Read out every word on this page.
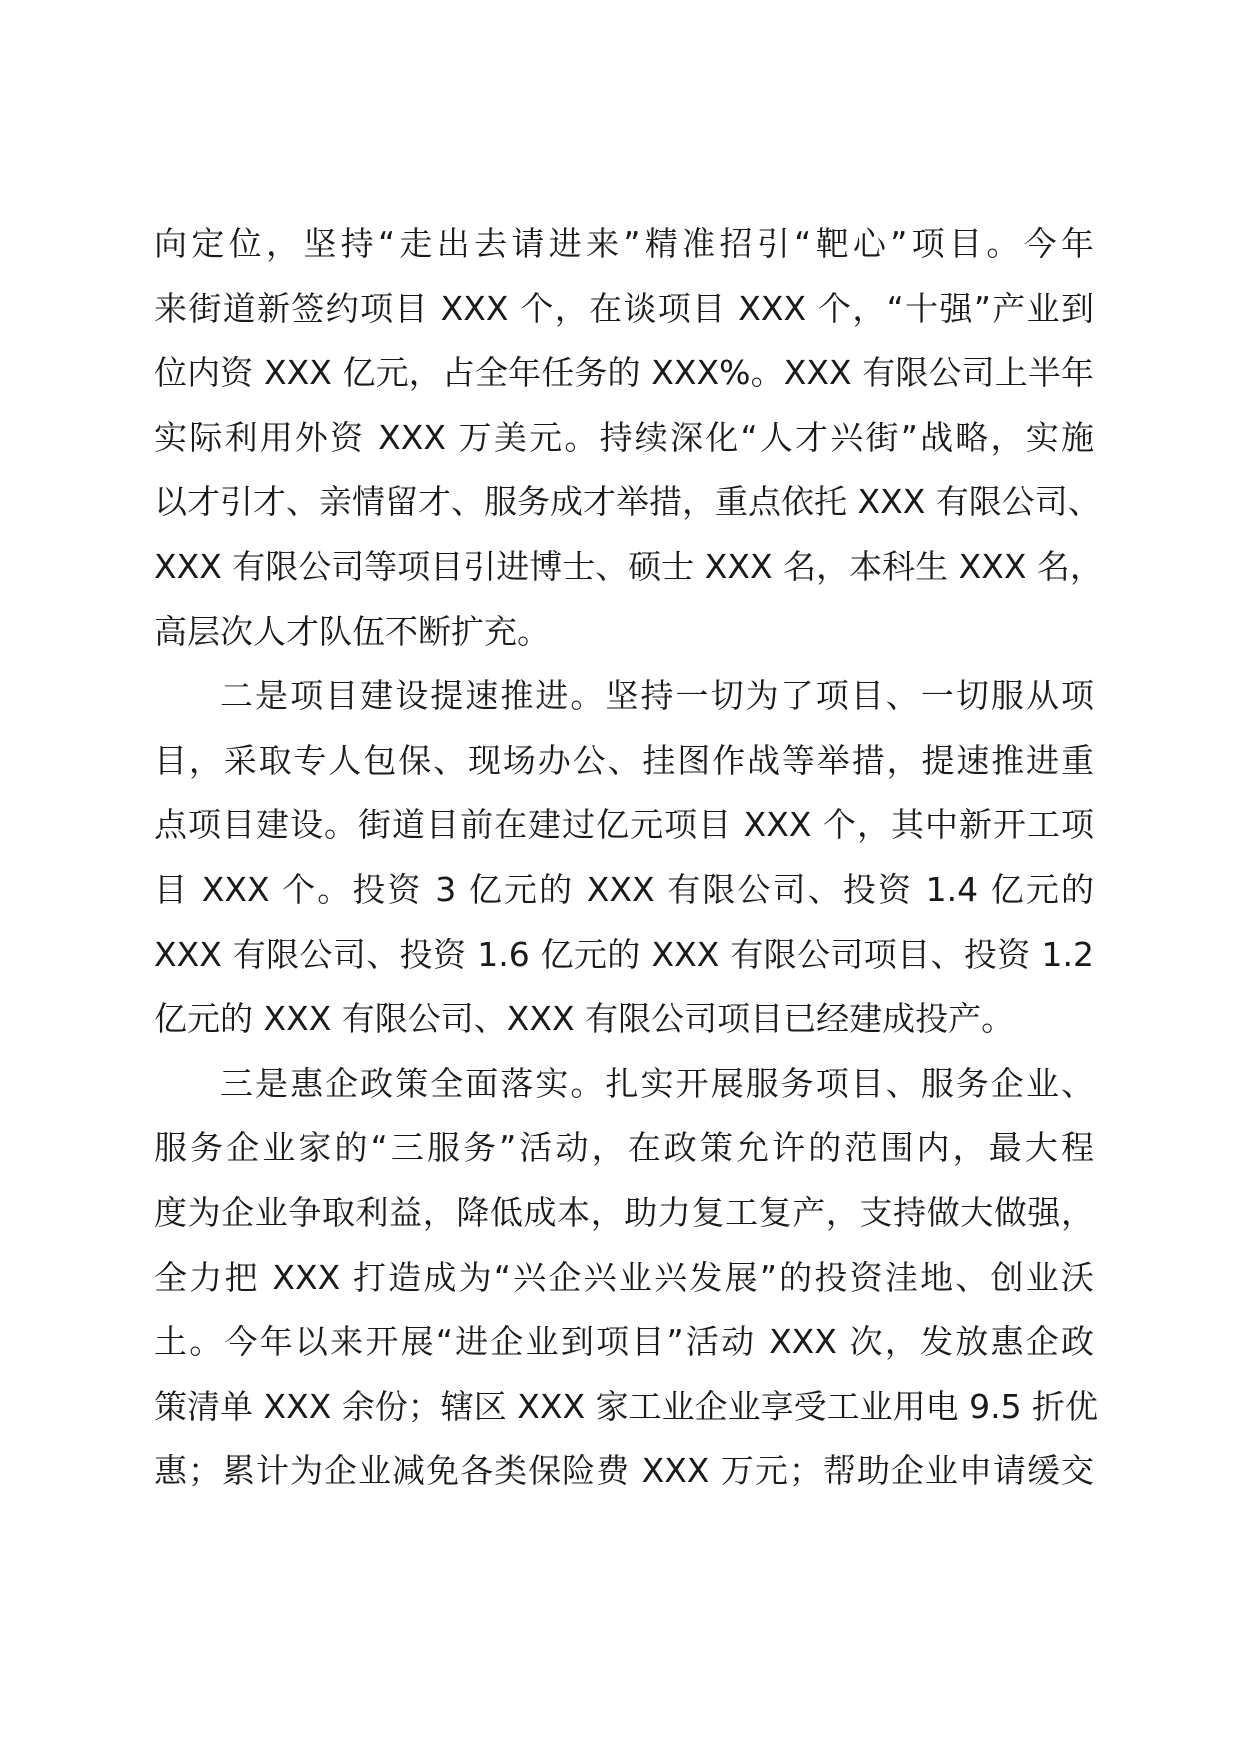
向定位，坚持“走出去请进来”精准招引“靶心”项目。今年
来街道新签约项目 XXX 个，在谈项目 XXX 个，“十强”产业到
位内资 XXX 亿元，占全年任务的 XXX%。XXX 有限公司上半年
实际利用外资 XXX 万美元。持续深化“人才兴街”战略，实施
以才引才、亲情留才、服务成才举措，重点依托 XXX 有限公司、
XXX 有限公司等项目引进博士、硕士 XXX 名，本科生 XXX 名，
高层次人才队伍不断扩充。
二是项目建设提速推进。坚持一切为了项目、一切服从项
目，采取专人包保、现场办公、挂图作战等举措，提速推进重
点项目建设。街道目前在建过亿元项目 XXX 个，其中新开工项
目 XXX 个。投资 3 亿元的 XXX 有限公司、投资 1.4 亿元的
XXX 有限公司、投资 1.6 亿元的 XXX 有限公司项目、投资 1.2
亿元的 XXX 有限公司、XXX 有限公司项目已经建成投产。
三是惠企政策全面落实。扎实开展服务项目、服务企业、
服务企业家的“三服务”活动，在政策允许的范围内，最大程
度为企业争取利益，降低成本，助力复工复产，支持做大做强，
全力把 XXX 打造成为“兴企兴业兴发展”的投资洼地、创业沃
土。今年以来开展“进企业到项目”活动 XXX 次，发放惠企政
策清单 XXX 余份；辖区 XXX 家工业企业享受工业用电 9.5 折优
惠；累计为企业减免各类保险费 XXX 万元；帮助企业申请缓交
